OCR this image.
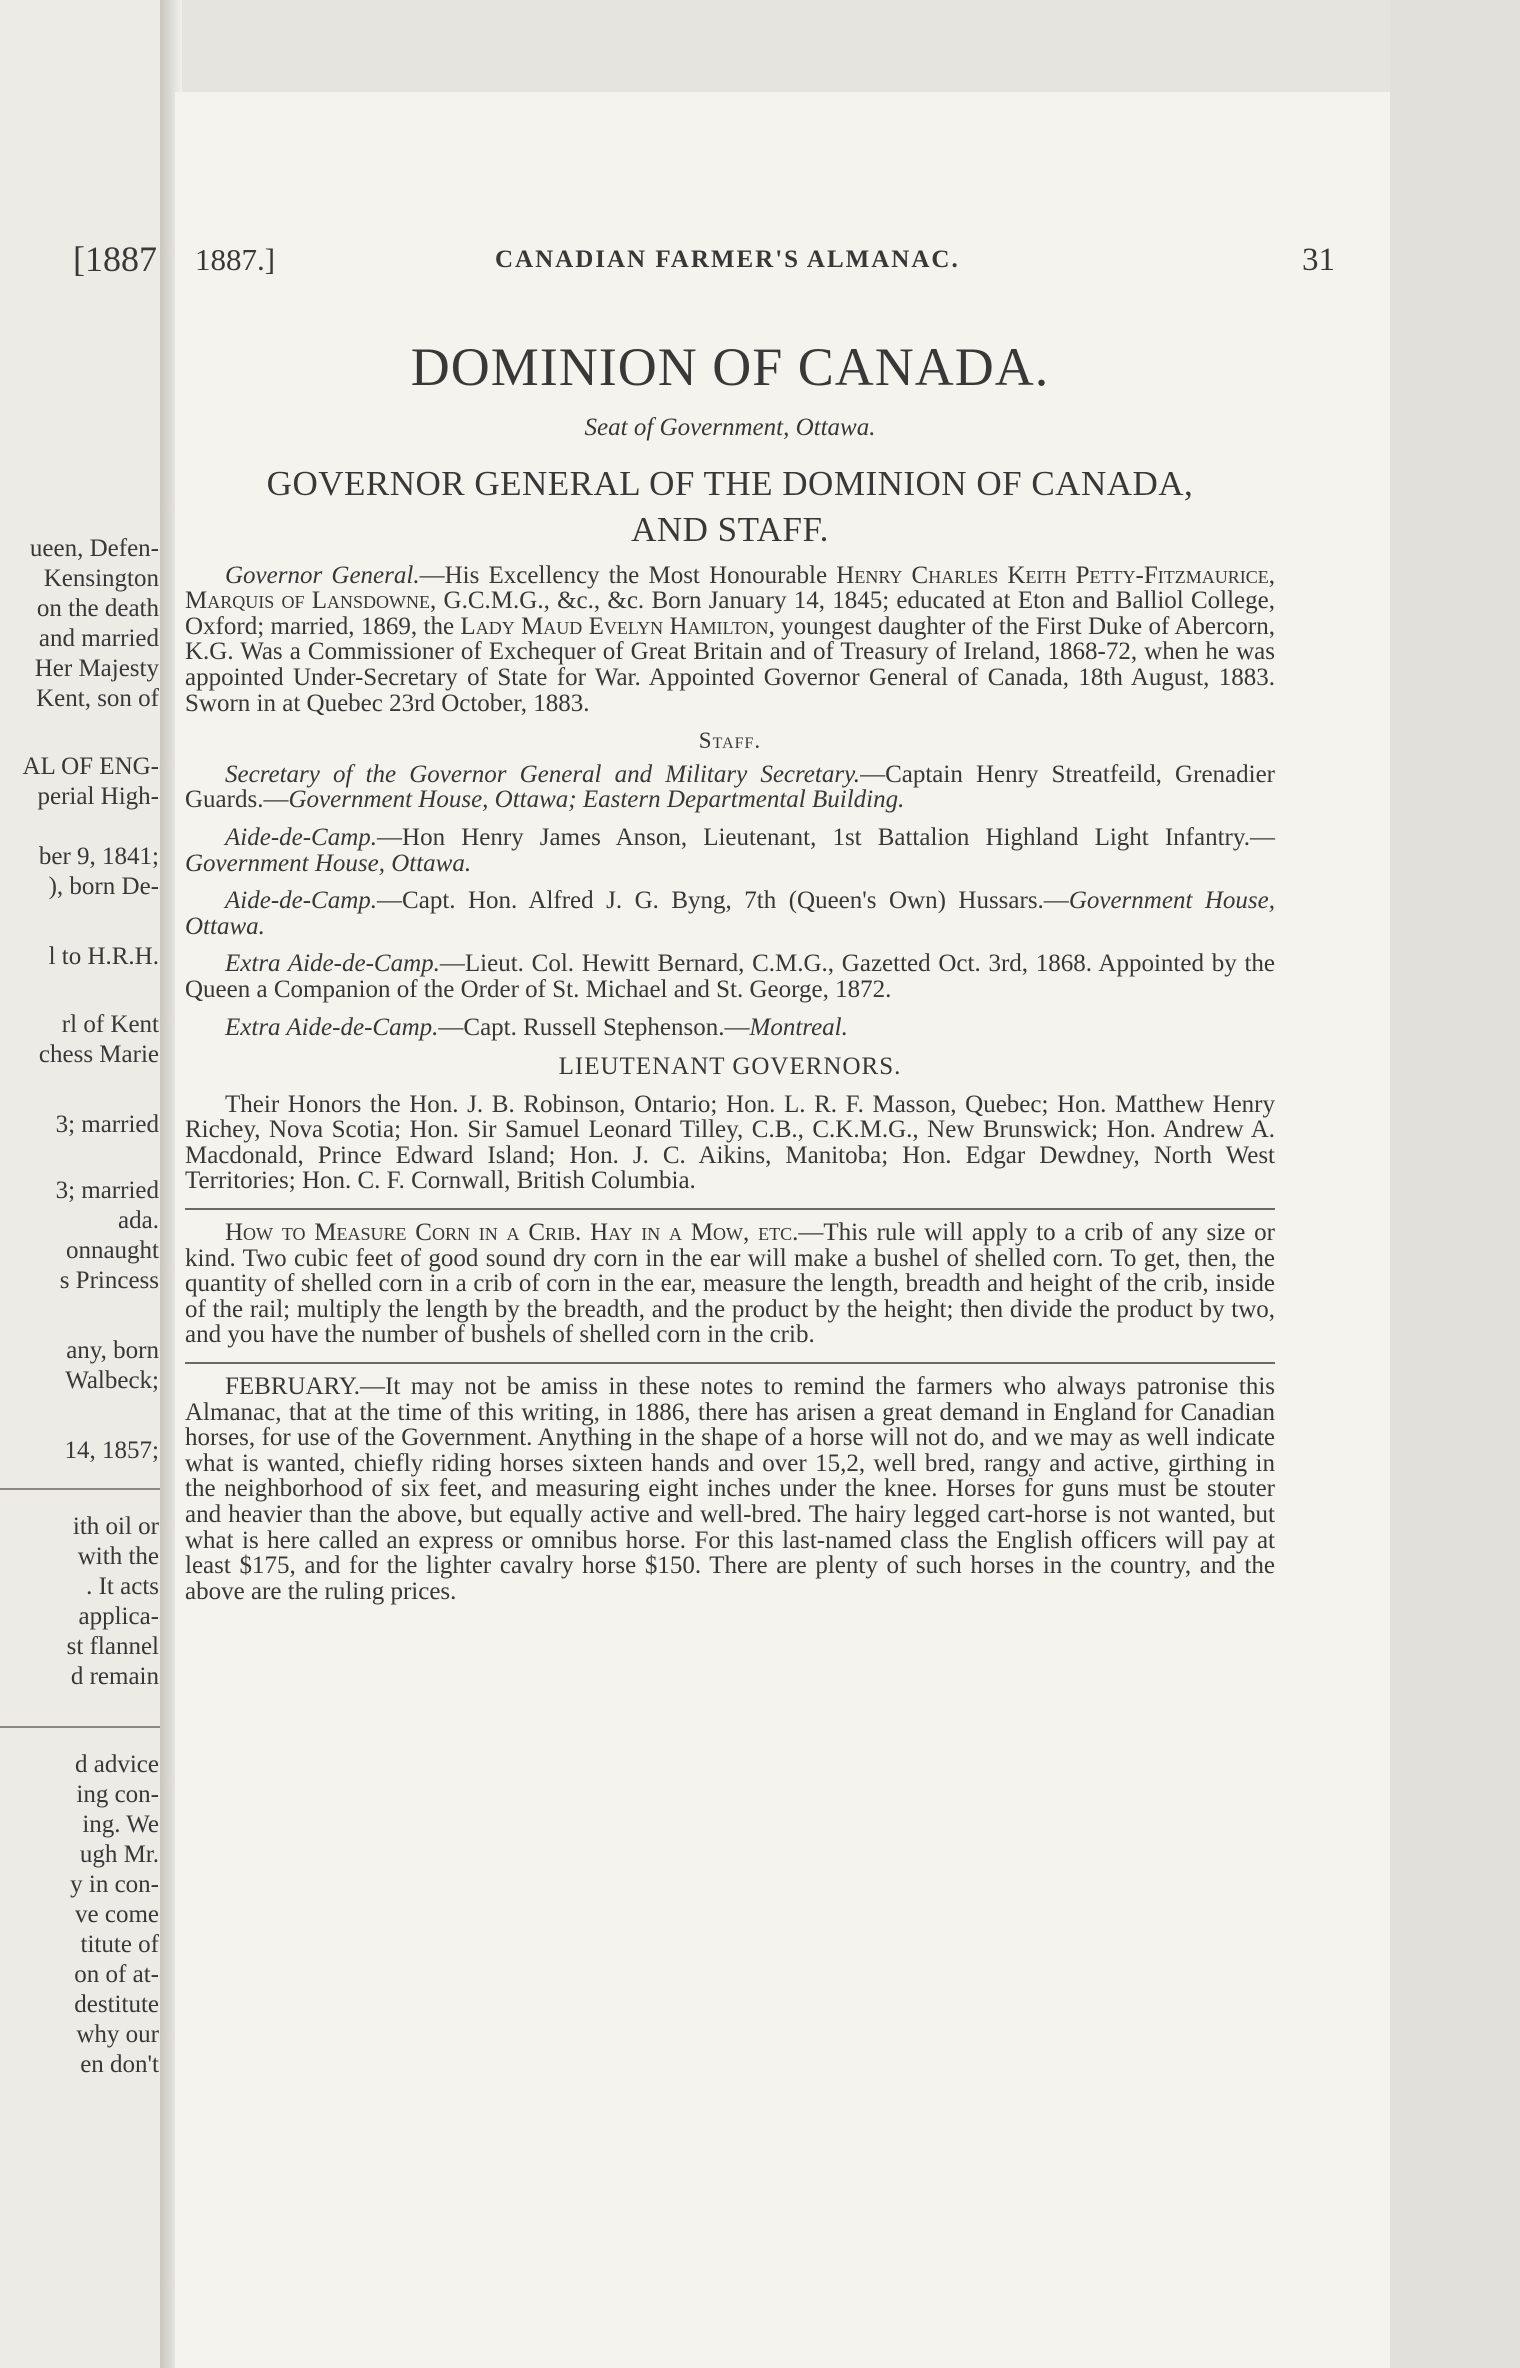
[1887
ueen, Defen-
Kensington
on the death
and married
Her Majesty
Kent, son of
AL OF ENG-
perial High-
ber 9, 1841;
), born De-
l to H.R.H.
rl of Kent
chess Marie
3; married
3; married
ada.
onnaught
s Princess
any, born
Walbeck;
14, 1857;
ith oil or
with the
. It acts
applica-
st flannel
d remain
d advice
ing con-
ing. We
ugh Mr.
y in con-
ve come
titute of
on of at-
destitute
why our
en don't
1887.]	CANADIAN FARMER'S ALMANAC.	31
DOMINION OF CANADA.
Seat of Government, Ottawa.
GOVERNOR GENERAL OF THE DOMINION OF CANADA,
AND STAFF.

Governor General.—His Excellency the Most Honourable Henry Charles Keith Petty-Fitzmaurice, Marquis of Lansdowne, G.C.M.G., &c., &c. Born January 14, 1845; educated at Eton and Balliol College, Oxford; married, 1869, the Lady Maud Evelyn Hamilton, youngest daughter of the First Duke of Abercorn, K.G. Was a Commissioner of Exchequer of Great Britain and of Treasury of Ireland, 1868-72, when he was appointed Under-Secretary of State for War. Appointed Governor General of Canada, 18th August, 1883. Sworn in at Quebec 23rd October, 1883.

Staff.

Secretary of the Governor General and Military Secretary.—Captain Henry Streatfeild, Grenadier Guards.—Government House, Ottawa; Eastern Departmental Building.

Aide-de-Camp.—Hon Henry James Anson, Lieutenant, 1st Battalion Highland Light Infantry.—Government House, Ottawa.

Aide-de-Camp.—Capt. Hon. Alfred J. G. Byng, 7th (Queen's Own) Hussars.—Government House, Ottawa.

Extra Aide-de-Camp.—Lieut. Col. Hewitt Bernard, C.M.G., Gazetted Oct. 3rd, 1868. Appointed by the Queen a Companion of the Order of St. Michael and St. George, 1872.

Extra Aide-de-Camp.—Capt. Russell Stephenson.—Montreal.

LIEUTENANT GOVERNORS.

Their Honors the Hon. J. B. Robinson, Ontario; Hon. L. R. F. Masson, Quebec; Hon. Matthew Henry Richey, Nova Scotia; Hon. Sir Samuel Leonard Tilley, C.B., C.K.M.G., New Brunswick; Hon. Andrew A. Macdonald, Prince Edward Island; Hon. J. C. Aikins, Manitoba; Hon. Edgar Dewdney, North West Territories; Hon. C. F. Cornwall, British Columbia.

How to Measure Corn in a Crib. Hay in a Mow, etc.—This rule will apply to a crib of any size or kind. Two cubic feet of good sound dry corn in the ear will make a bushel of shelled corn. To get, then, the quantity of shelled corn in a crib of corn in the ear, measure the length, breadth and height of the crib, inside of the rail; multiply the length by the breadth, and the product by the height; then divide the product by two, and you have the number of bushels of shelled corn in the crib.

FEBRUARY.—It may not be amiss in these notes to remind the farmers who always patronise this Almanac, that at the time of this writing, in 1886, there has arisen a great demand in England for Canadian horses, for use of the Government. Anything in the shape of a horse will not do, and we may as well indicate what is wanted, chiefly riding horses sixteen hands and over 15,2, well bred, rangy and active, girthing in the neighborhood of six feet, and measuring eight inches under the knee. Horses for guns must be stouter and heavier than the above, but equally active and well-bred. The hairy legged cart-horse is not wanted, but what is here called an express or omnibus horse. For this last-named class the English officers will pay at least $175, and for the lighter cavalry horse $150. There are plenty of such horses in the country, and the above are the ruling prices.
